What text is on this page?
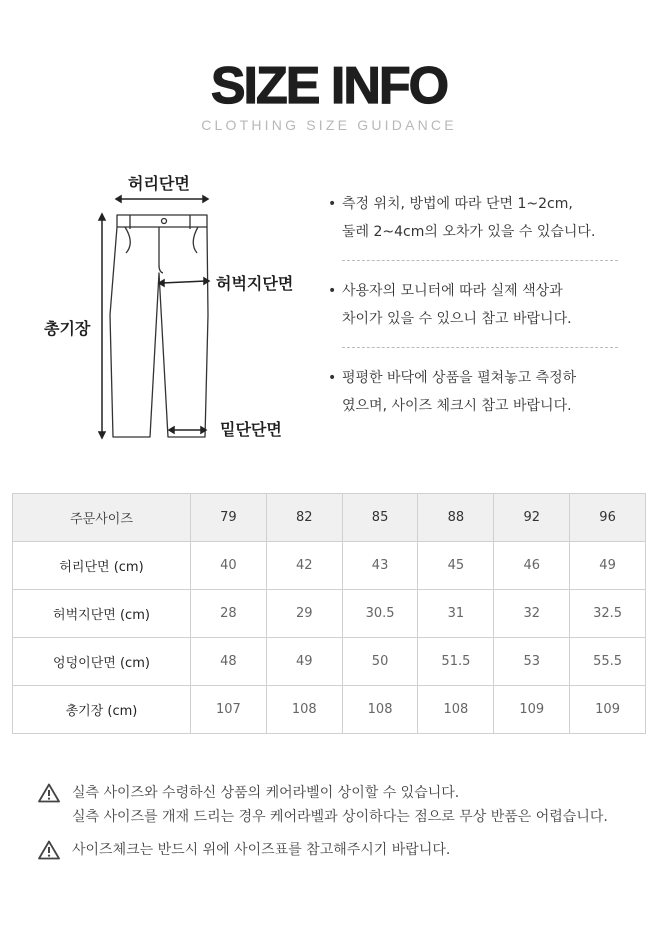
SIZE INFO
CLOTHING SIZE GUIDANCE
허리단면
허벅지단면
총기장
밑단단면
• 측정 위치, 방법에 따라 단면 1~2cm,
둘레 2~4cm의 오차가 있을 수 있습니다.
• 사용자의 모니터에 따라 실제 색상과
차이가 있을 수 있으니 참고 바랍니다.
• 평평한 바닥에 상품을 펼쳐놓고 측정하
였으며, 사이즈 체크시 참고 바랍니다.
주문사이즈	79	82	85	88	92	96
허리단면 (cm)	40	42	43	45	46	49
허벅지단면 (cm)	28	29	30.5	31	32	32.5
엉덩이단면 (cm)	48	49	50	51.5	53	55.5
총기장 (cm)	107	108	108	108	109	109
실측 사이즈와 수령하신 상품의 케어라벨이 상이할 수 있습니다.
실측 사이즈를 개재 드리는 경우 케어라벨과 상이하다는 점으로 무상 반품은 어렵습니다.
사이즈체크는 반드시 위에 사이즈표를 참고해주시기 바랍니다.
